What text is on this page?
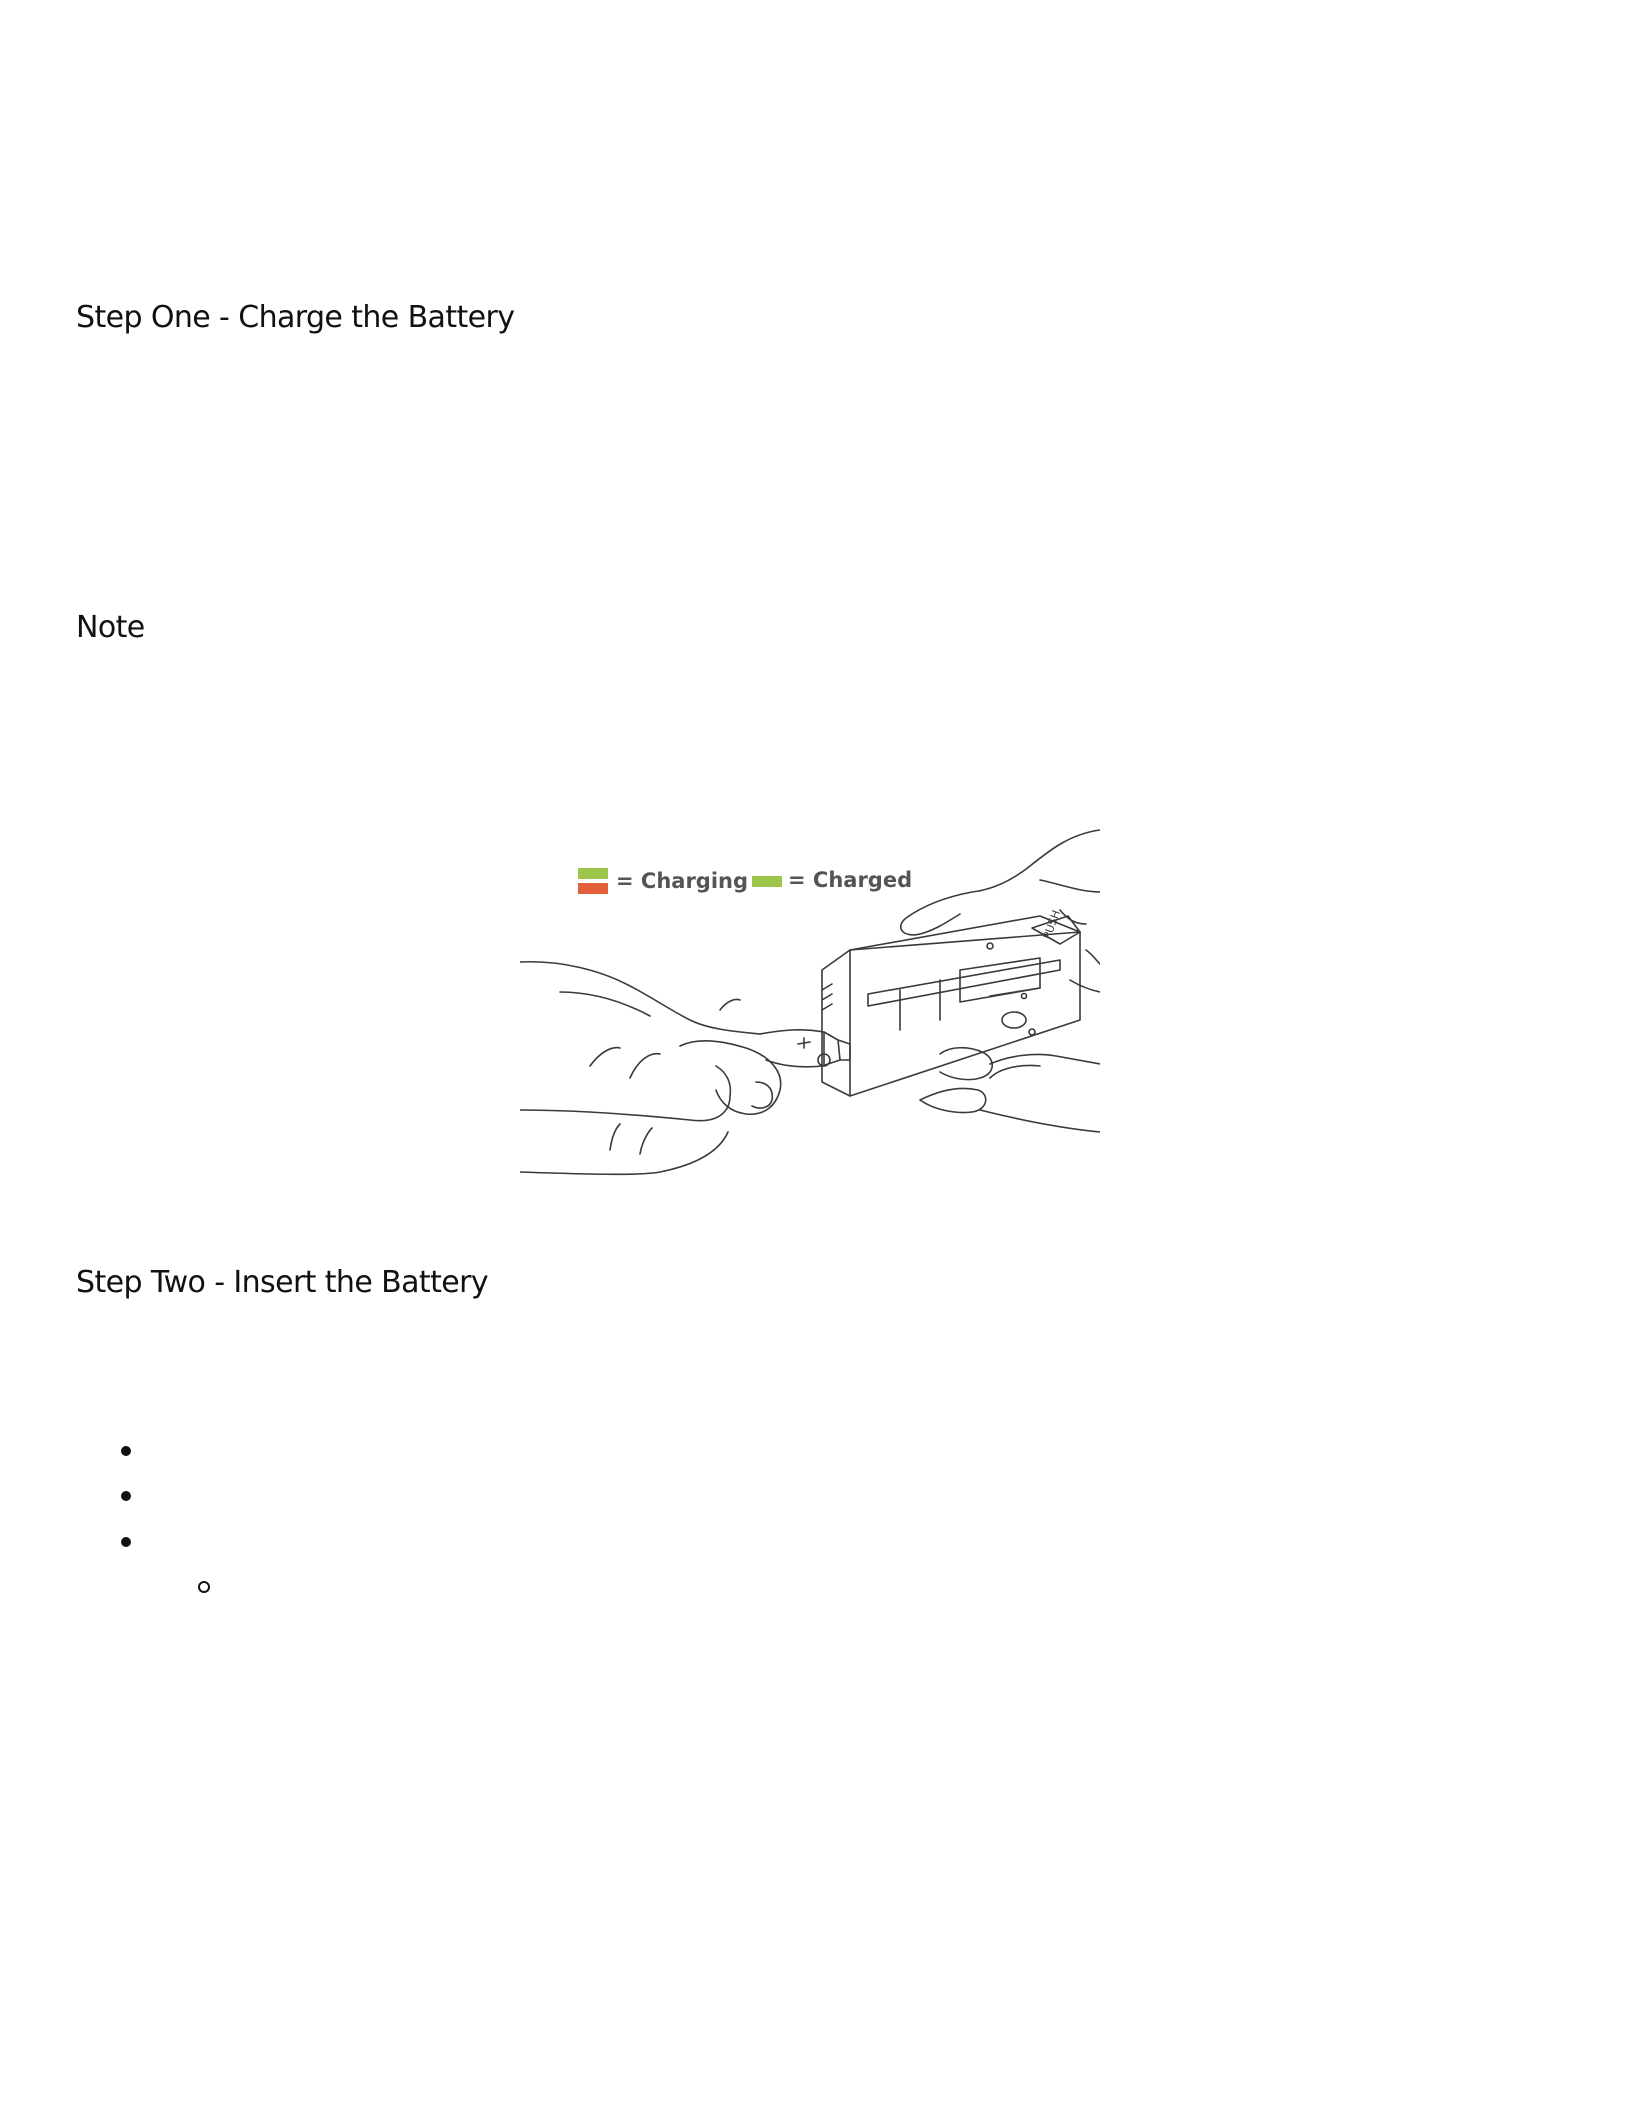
Step One - Charge the Battery
Note
= Charging = Charged
PUSH
Step Two - Insert the Battery
